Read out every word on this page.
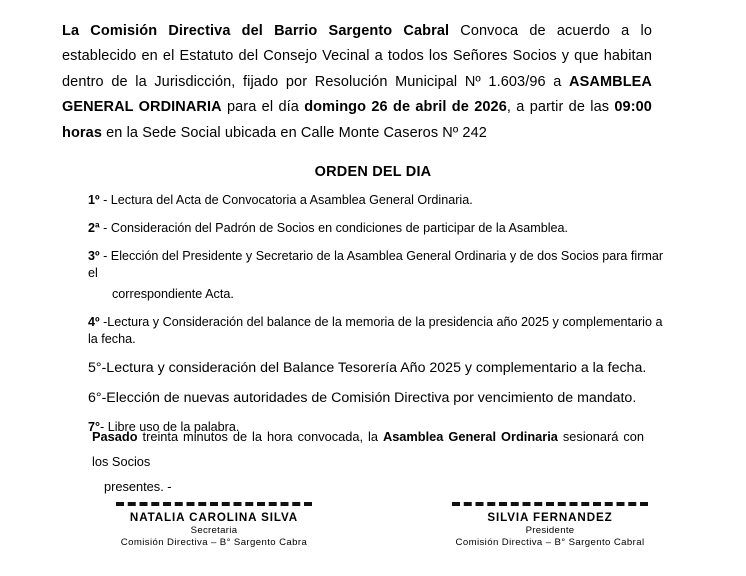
La Comisión Directiva del Barrio Sargento Cabral Convoca de acuerdo a lo establecido en el Estatuto del Consejo Vecinal a todos los Señores Socios y que habitan dentro de la Jurisdicción, fijado por Resolución Municipal Nº 1.603/96 a ASAMBLEA GENERAL ORDINARIA para el día domingo 26 de abril de 2026, a partir de las 09:00 horas en la Sede Social ubicada en Calle Monte Caseros Nº 242

ORDEN DEL DIA
1º - Lectura del Acta de Convocatoria a Asamblea General Ordinaria.
2ª - Consideración del Padrón de Socios en condiciones de participar de la Asamblea.
3º - Elección del Presidente y Secretario de la Asamblea General Ordinaria y de dos Socios para firmar el
correspondiente Acta.
4º -Lectura y Consideración del balance de la memoria de la presidencia año 2025 y complementario a la fecha.
5°-Lectura y consideración del Balance Tesorería Año 2025 y complementario a la fecha.
6°-Elección de nuevas autoridades de Comisión Directiva por vencimiento de mandato.
7°- Libre uso de la palabra.

Pasado treinta minutos de la hora convocada, la Asamblea General Ordinaria sesionará con los Socios
presentes. -

NATALIA CAROLINA SILVA
Secretaria
Comisión Directiva – B° Sargento Cabra
SILVIA FERNANDEZ
Presidente
Comisión Directiva – B° Sargento Cabral
